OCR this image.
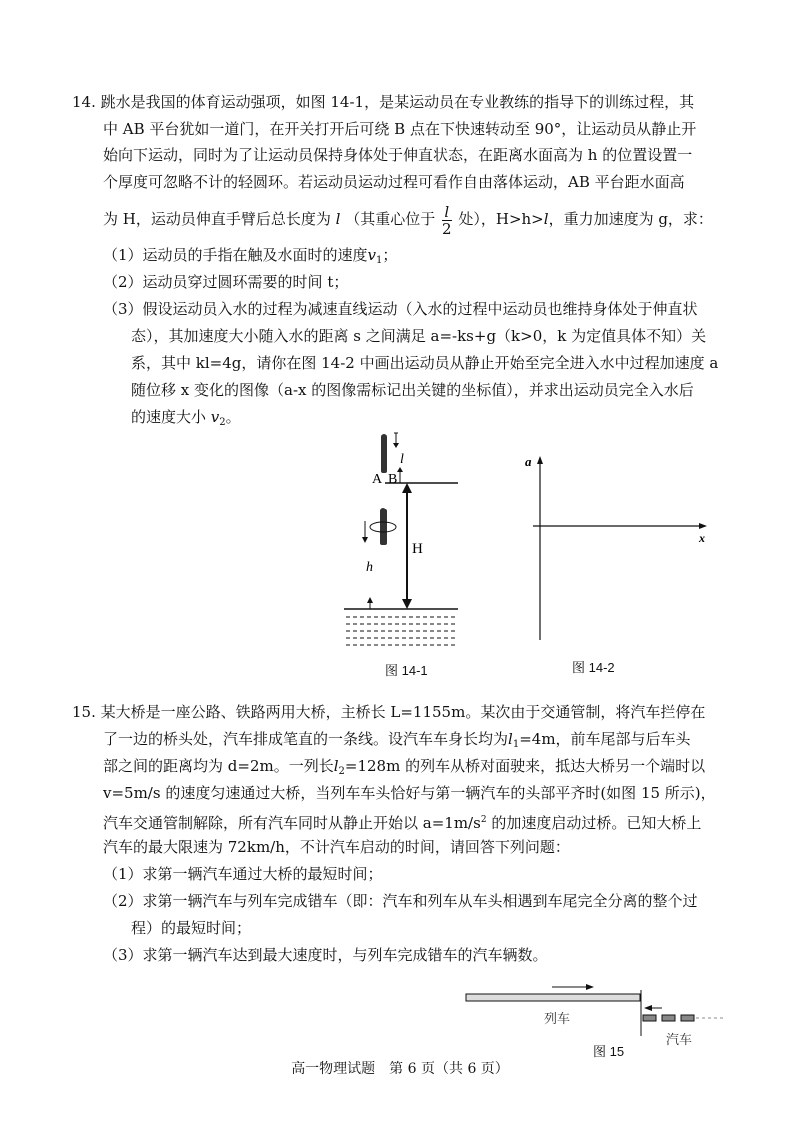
14. 跳水是我国的体育运动强项，如图 14-1，是某运动员在专业教练的指导下的训练过程，其
中 AB 平台犹如一道门，在开关打开后可绕 B 点在下快速转动至 90°，让运动员从静止开
始向下运动，同时为了让运动员保持身体处于伸直状态，在距离水面高为 h 的位置设置一
个厚度可忽略不计的轻圆环。若运动员运动过程可看作自由落体运动，AB 平台距水面高
为 H，运动员伸直手臂后总长度为 l （其重心位于 $\frac{l}{2}$ 处），H>h>l，重力加速度为 g，求：
（1）运动员的手指在触及水面时的速度$v_1$；
（2）运动员穿过圆环需要的时间 t；
（3）假设运动员入水的过程为减速直线运动（入水的过程中运动员也维持身体处于伸直状
态），其加速度大小随入水的距离 s 之间满足 a=-ks+g（k>0，k 为定值具体不知）关
系，其中 kl=4g，请你在图 14-2 中画出运动员从静止开始至完全进入水中过程加速度 a
随位移 x 变化的图像（a-x 的图像需标记出关键的坐标值），并求出运动员完全入水后
的速度大小 $v_2$。
A B
l
H
h
图 14-1
a
x
图 14-2
15. 某大桥是一座公路、铁路两用大桥，主桥长 L=1155m。某次由于交通管制，将汽车拦停在
了一边的桥头处，汽车排成笔直的一条线。设汽车车身长均为$l_1=4m$，前车尾部与后车头
部之间的距离均为 d=2m。一列长$l_2=128m$ 的列车从桥对面驶来，抵达大桥另一个端时以
v=5m/s 的速度匀速通过大桥，当列车车头恰好与第一辆汽车的头部平齐时(如图 15 所示)，
汽车交通管制解除，所有汽车同时从静止开始以 $a=1m/s^2$ 的加速度启动过桥。已知大桥上
汽车的最大限速为 72km/h，不计汽车启动的时间，请回答下列问题：
（1）求第一辆汽车通过大桥的最短时间；
（2）求第一辆汽车与列车完成错车（即：汽车和列车从车头相遇到车尾完全分离的整个过
程）的最短时间；
（3）求第一辆汽车达到最大速度时，与列车完成错车的汽车辆数。
列车
汽车
图 15
高一物理试题　第 6 页（共 6 页）
